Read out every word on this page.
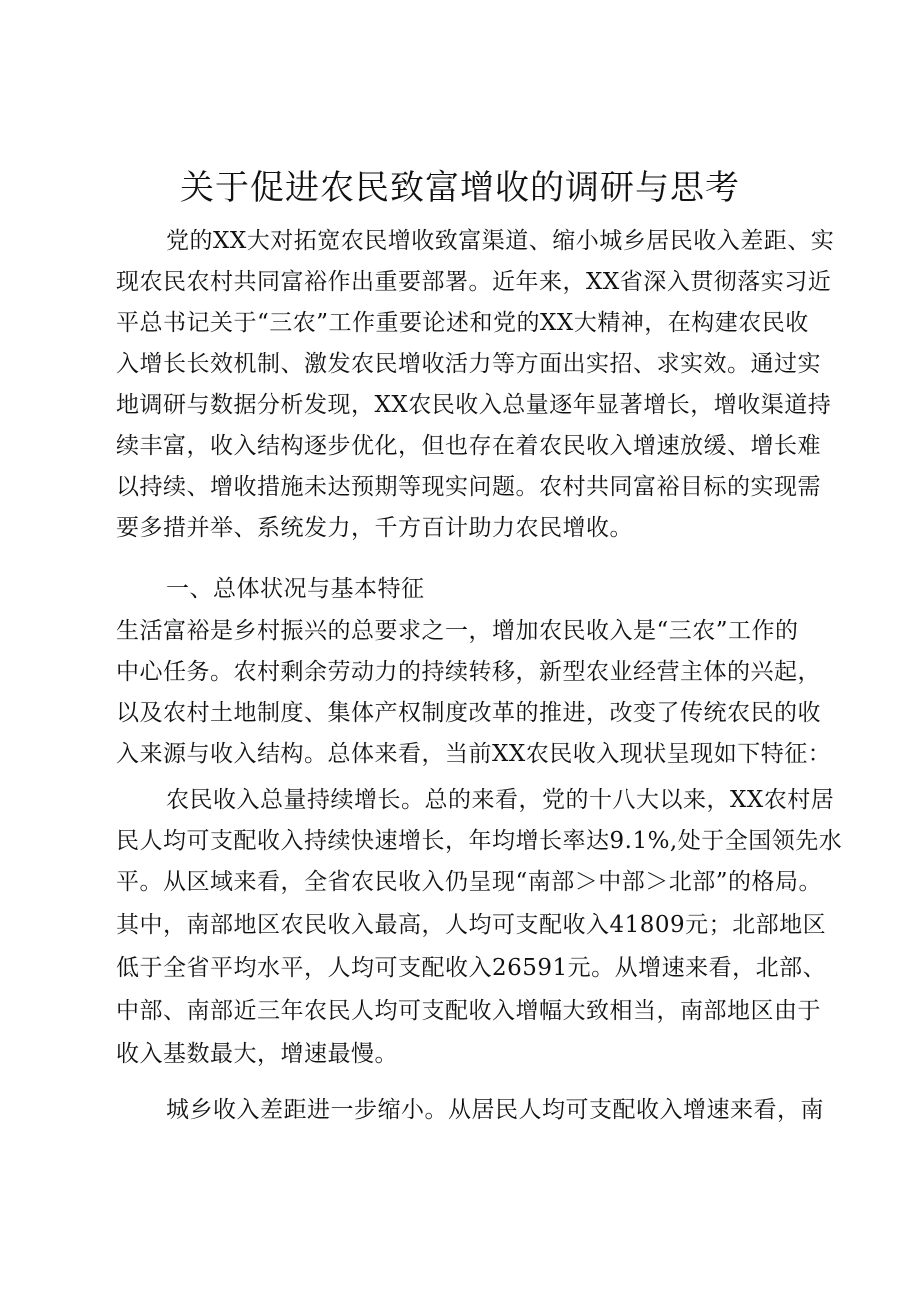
关于促进农民致富增收的调研与思考
党的XX大对拓宽农民增收致富渠道、缩小城乡居民收入差距、实
现农民农村共同富裕作出重要部署。近年来，XX省深入贯彻落实习近
平总书记关于“三农”工作重要论述和党的XX大精神，在构建农民收
入增长长效机制、激发农民增收活力等方面出实招、求实效。通过实
地调研与数据分析发现，XX农民收入总量逐年显著增长，增收渠道持
续丰富，收入结构逐步优化，但也存在着农民收入增速放缓、增长难
以持续、增收措施未达预期等现实问题。农村共同富裕目标的实现需
要多措并举、系统发力，千方百计助力农民增收。
一、总体状况与基本特征
生活富裕是乡村振兴的总要求之一，增加农民收入是“三农”工作的
中心任务。农村剩余劳动力的持续转移，新型农业经营主体的兴起，
以及农村土地制度、集体产权制度改革的推进，改变了传统农民的收
入来源与收入结构。总体来看，当前XX农民收入现状呈现如下特征：
农民收入总量持续增长。总的来看，党的十八大以来，XX农村居
民人均可支配收入持续快速增长，年均增长率达9.1%,处于全国领先水
平。从区域来看，全省农民收入仍呈现“南部＞中部＞北部”的格局。
其中，南部地区农民收入最高，人均可支配收入41809元；北部地区
低于全省平均水平，人均可支配收入26591元。从增速来看，北部、
中部、南部近三年农民人均可支配收入增幅大致相当，南部地区由于
收入基数最大，增速最慢。
城乡收入差距进一步缩小。从居民人均可支配收入增速来看，南
